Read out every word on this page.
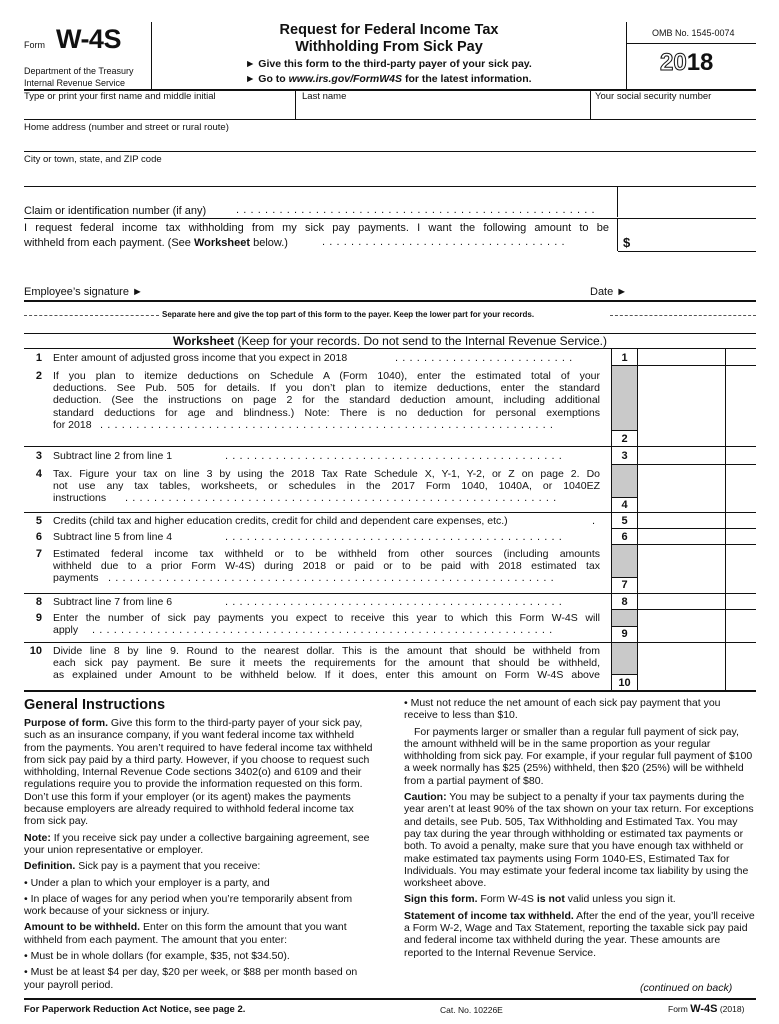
Form W-4S
Department of the Treasury
Internal Revenue Service
Request for Federal Income Tax
Withholding From Sick Pay
► Give this form to the third-party payer of your sick pay.
► Go to www.irs.gov/FormW4S for the latest information.
OMB No. 1545-0074
2018
Type or print your first name and middle initial	Last name	Your social security number
Home address (number and street or rural route)
City or town, state, and ZIP code
Claim or identification number (if any)	..................................................
I request federal income tax withholding from my sick pay payments. I want the following amount to be
withheld from each payment. (See Worksheet below.)	..................................	$
Employee’s signature ►	Date ►
Separate here and give the top part of this form to the payer. Keep the lower part for your records.
Worksheet (Keep for your records. Do not send to the Internal Revenue Service.)
1 Enter amount of adjusted gross income that you expect in 2018	.........................	1
2 If you plan to itemize deductions on Schedule A (Form 1040), enter the estimated total of your
deductions. See Pub. 505 for details. If you don’t plan to itemize deductions, enter the standard
deduction. (See the instructions on page 2 for the standard deduction amount, including additional
standard deductions for age and blindness.) Note: There is no deduction for personal exemptions
for 2018 ...............................................................
2
3 Subtract line 2 from line 1	...............................................	3
4 Tax. Figure your tax on line 3 by using the 2018 Tax Rate Schedule X, Y-1, Y-2, or Z on page 2. Do
not use any tax tables, worksheets, or schedules in the 2017 Form 1040, 1040A, or 1040EZ
instructions	............................................................
4
5 Credits (child tax and higher education credits, credit for child and dependent care expenses, etc.)	.	5
6 Subtract line 5 from line 4	...............................................	6
7 Estimated federal income tax withheld or to be withheld from other sources (including amounts
withheld due to a prior Form W-4S) during 2018 or paid or to be paid with 2018 estimated tax
payments ..............................................................
7
8 Subtract line 7 from line 6	...............................................	8
9 Enter the number of sick pay payments you expect to receive this year to which this Form W-4S will
apply	................................................................	9
10 Divide line 8 by line 9. Round to the nearest dollar. This is the amount that should be withheld from
each sick pay payment. Be sure it meets the requirements for the amount that should be withheld,
as explained under Amount to be withheld below. If it does, enter this amount on Form W-4S above
10
General Instructions

Purpose of form. Give this form to the third-party payer of your sick pay, such as an insurance company, if you want federal income tax withheld from the payments. You aren’t required to have federal income tax withheld from sick pay paid by a third party. However, if you choose to request such withholding, Internal Revenue Code sections 3402(o) and 6109 and their regulations require you to provide the information requested on this form. Don’t use this form if your employer (or its agent) makes the payments because employers are already required to withhold federal income tax from sick pay.

Note: If you receive sick pay under a collective bargaining agreement, see your union representative or employer.

Definition. Sick pay is a payment that you receive:

• Under a plan to which your employer is a party, and

• In place of wages for any period when you’re temporarily absent from work because of your sickness or injury.

Amount to be withheld. Enter on this form the amount that you want withheld from each payment. The amount that you enter:

• Must be in whole dollars (for example, $35, not $34.50).

• Must be at least $4 per day, $20 per week, or $88 per month based on your payroll period.

• Must not reduce the net amount of each sick pay payment that you receive to less than $10.

For payments larger or smaller than a regular full payment of sick pay, the amount withheld will be in the same proportion as your regular withholding from sick pay. For example, if your regular full payment of $100 a week normally has $25 (25%) withheld, then $20 (25%) will be withheld from a partial payment of $80.

Caution: You may be subject to a penalty if your tax payments during the year aren’t at least 90% of the tax shown on your tax return. For exceptions and details, see Pub. 505, Tax Withholding and Estimated Tax. You may pay tax during the year through withholding or estimated tax payments or both. To avoid a penalty, make sure that you have enough tax withheld or make estimated tax payments using Form 1040-ES, Estimated Tax for Individuals. You may estimate your federal income tax liability by using the worksheet above.

Sign this form. Form W-4S is not valid unless you sign it.

Statement of income tax withheld. After the end of the year, you’ll receive a Form W-2, Wage and Tax Statement, reporting the taxable sick pay paid and federal income tax withheld during the year. These amounts are reported to the Internal Revenue Service.

(continued on back)
For Paperwork Reduction Act Notice, see page 2.	Cat. No. 10226E	Form W-4S (2018)
